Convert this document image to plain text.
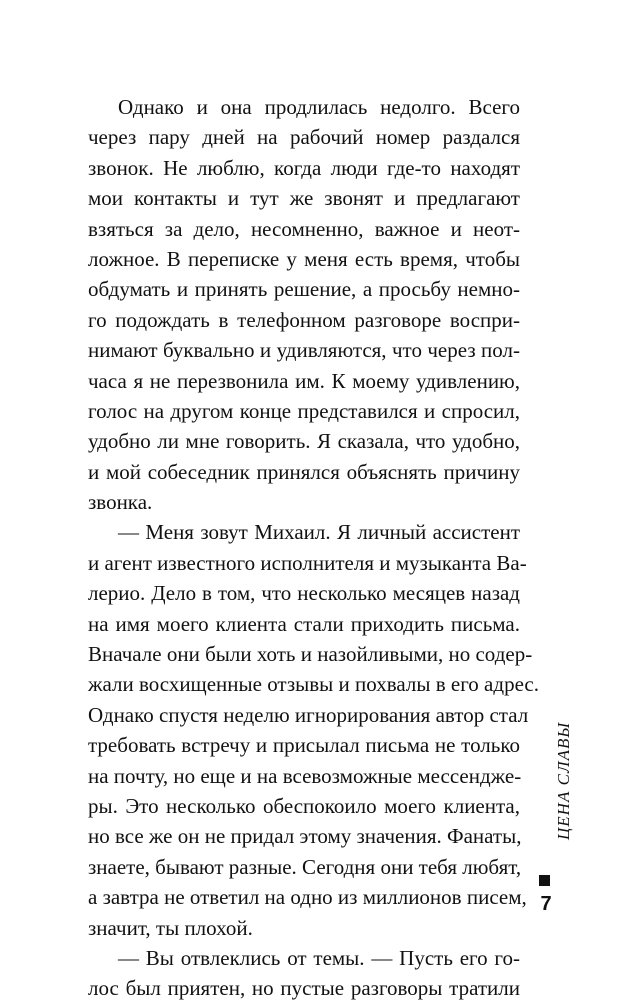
Однако и она продлилась недолго. Всего
через пару дней на рабочий номер раздался
звонок. Не люблю, когда люди где-то находят
мои контакты и тут же звонят и предлагают
взяться за дело, несомненно, важное и неот-
ложное. В переписке у меня есть время, чтобы
обдумать и принять решение, а просьбу немно-
го подождать в телефонном разговоре воспри-
нимают буквально и удивляются, что через пол-
часа я не перезвонила им. К моему удивлению,
голос на другом конце представился и спросил,
удобно ли мне говорить. Я сказала, что удобно,
и мой собеседник принялся объяснять причину
звонка.
— Меня зовут Михаил. Я личный ассистент
и агент известного исполнителя и музыканта Ва-
лерио. Дело в том, что несколько месяцев назад
на имя моего клиента стали приходить письма.
Вначале они были хоть и назойливыми, но содер-
жали восхищенные отзывы и похвалы в его адрес.
Однако спустя неделю игнорирования автор стал
требовать встречу и присылал письма не только
на почту, но еще и на всевозможные мессендже-
ры. Это несколько обеспокоило моего клиента,
но все же он не придал этому значения. Фанаты,
знаете, бывают разные. Сегодня они тебя любят,
а завтра не ответил на одно из миллионов писем,
значит, ты плохой.
— Вы отвлеклись от темы. — Пусть его го-
лос был приятен, но пустые разговоры тратили
ЦЕНА СЛАВЫ
7
